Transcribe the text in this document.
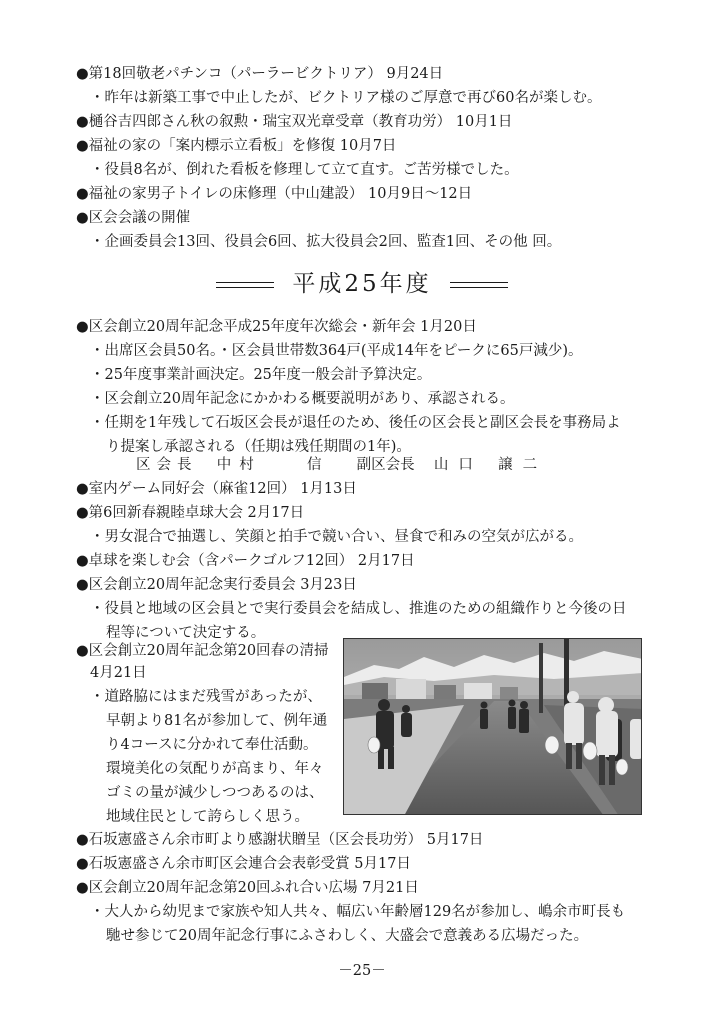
●第18回敬老パチンコ（パーラービクトリア） 9月24日
・昨年は新築工事で中止したが、ビクトリア様のご厚意で再び60名が楽しむ。
●樋谷吉四郎さん秋の叙勲・瑞宝双光章受章（教育功労） 10月1日
●福祉の家の「案内標示立看板」を修復 10月7日
・役員8名が、倒れた看板を修理して立て直す。ご苦労様でした。
●福祉の家男子トイレの床修理（中山建設） 10月9日～12日
●区会会議の開催
・企画委員会13回、役員会6回、拡大役員会2回、監査1回、その他 回。
平成25年度
●区会創立20周年記念平成25年度年次総会・新年会 1月20日
・出席区会員50名。・区会員世帯数364戸(平成14年をピークに65戸減少)。
・25年度事業計画決定。25年度一般会計予算決定。
・区会創立20周年記念にかかわる概要説明があり、承認される。
・任期を1年残して石坂区会長が退任のため、後任の区会長と副区会長を事務局よ
り提案し承認される（任期は残任期間の1年)。
区会長 中村	信 副区会長 山口 譲二
●室内ゲーム同好会（麻雀12回） 1月13日
●第6回新春親睦卓球大会 2月17日
・男女混合で抽選し、笑顔と拍手で競い合い、昼食で和みの空気が広がる。
●卓球を楽しむ会（含パークゴルフ12回） 2月17日
●区会創立20周年記念実行委員会 3月23日
・役員と地域の区会員とで実行委員会を結成し、推進のための組織作りと今後の日
程等について決定する。
●区会創立20周年記念第20回春の清掃
4月21日
・道路脇にはまだ残雪があったが、
早朝より81名が参加して、例年通
り4コースに分かれて奉仕活動。
環境美化の気配りが高まり、年々
ゴミの量が減少しつつあるのは、
地域住民として誇らしく思う。
●石坂憲盛さん余市町より感謝状贈呈（区会長功労） 5月17日
●石坂憲盛さん余市町区会連合会表彰受賞 5月17日
●区会創立20周年記念第20回ふれ合い広場 7月21日
・大人から幼児まで家族や知人共々、幅広い年齢層129名が参加し、嶋余市町長も
馳せ参じて20周年記念行事にふさわしく、大盛会で意義ある広場だった。
－25－
